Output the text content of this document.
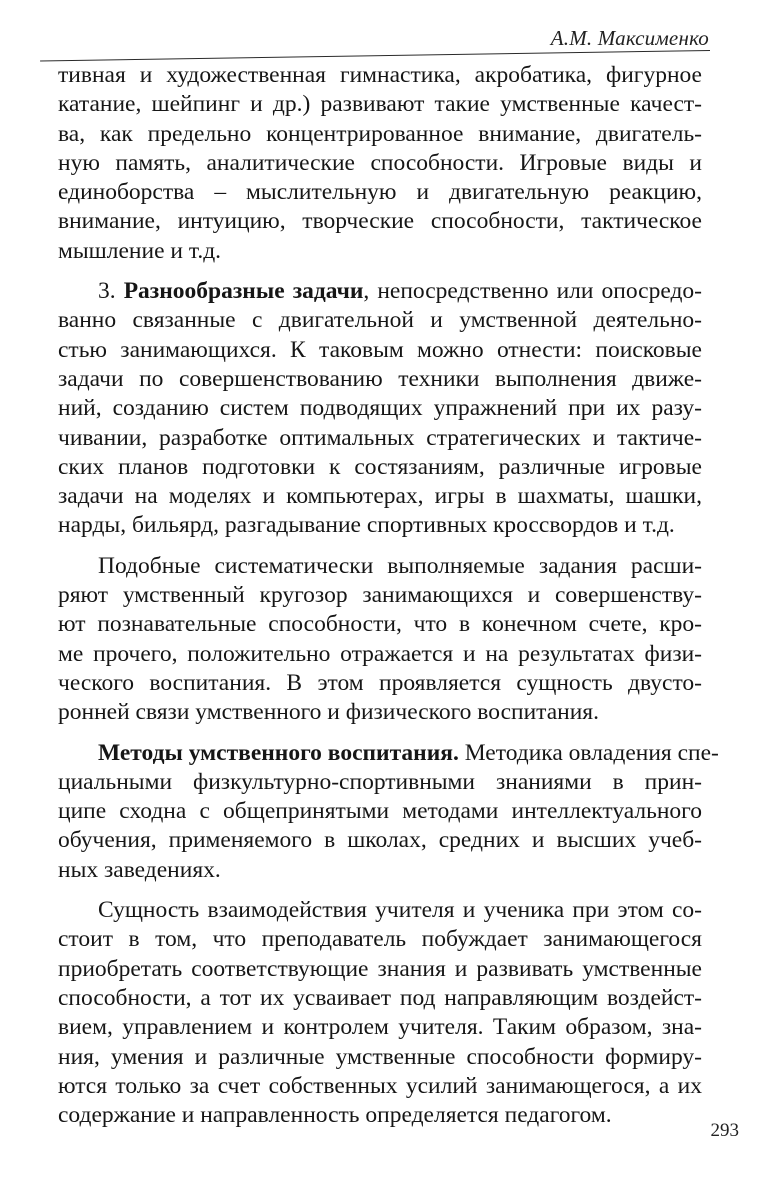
А.М. Максименко
тивная и художественная гимнастика, акробатика, фигурное
катание, шейпинг и др.) развивают такие умственные качест-
ва, как предельно концентрированное внимание, двигатель-
ную память, аналитические способности. Игровые виды и
единоборства – мыслительную и двигательную реакцию,
внимание, интуицию, творческие способности, тактическое
мышление и т.д.
3. Разнообразные задачи, непосредственно или опосредо-
ванно связанные с двигательной и умственной деятельно-
стью занимающихся. К таковым можно отнести: поисковые
задачи по совершенствованию техники выполнения движе-
ний, созданию систем подводящих упражнений при их разу-
чивании, разработке оптимальных стратегических и тактиче-
ских планов подготовки к состязаниям, различные игровые
задачи на моделях и компьютерах, игры в шахматы, шашки,
нарды, бильярд, разгадывание спортивных кроссвордов и т.д.
Подобные систематически выполняемые задания расши-
ряют умственный кругозор занимающихся и совершенству-
ют познавательные способности, что в конечном счете, кро-
ме прочего, положительно отражается и на результатах физи-
ческого воспитания. В этом проявляется сущность двусто-
ронней связи умственного и физического воспитания.
Методы умственного воспитания. Методика овладения спе-
циальными физкультурно-спортивными знаниями в прин-
ципе сходна с общепринятыми методами интеллектуального
обучения, применяемого в школах, средних и высших учеб-
ных заведениях.
Сущность взаимодействия учителя и ученика при этом со-
стоит в том, что преподаватель побуждает занимающегося
приобретать соответствующие знания и развивать умственные
способности, а тот их усваивает под направляющим воздейст-
вием, управлением и контролем учителя. Таким образом, зна-
ния, умения и различные умственные способности формиру-
ются только за счет собственных усилий занимающегося, а их
содержание и направленность определяется педагогом.
293
